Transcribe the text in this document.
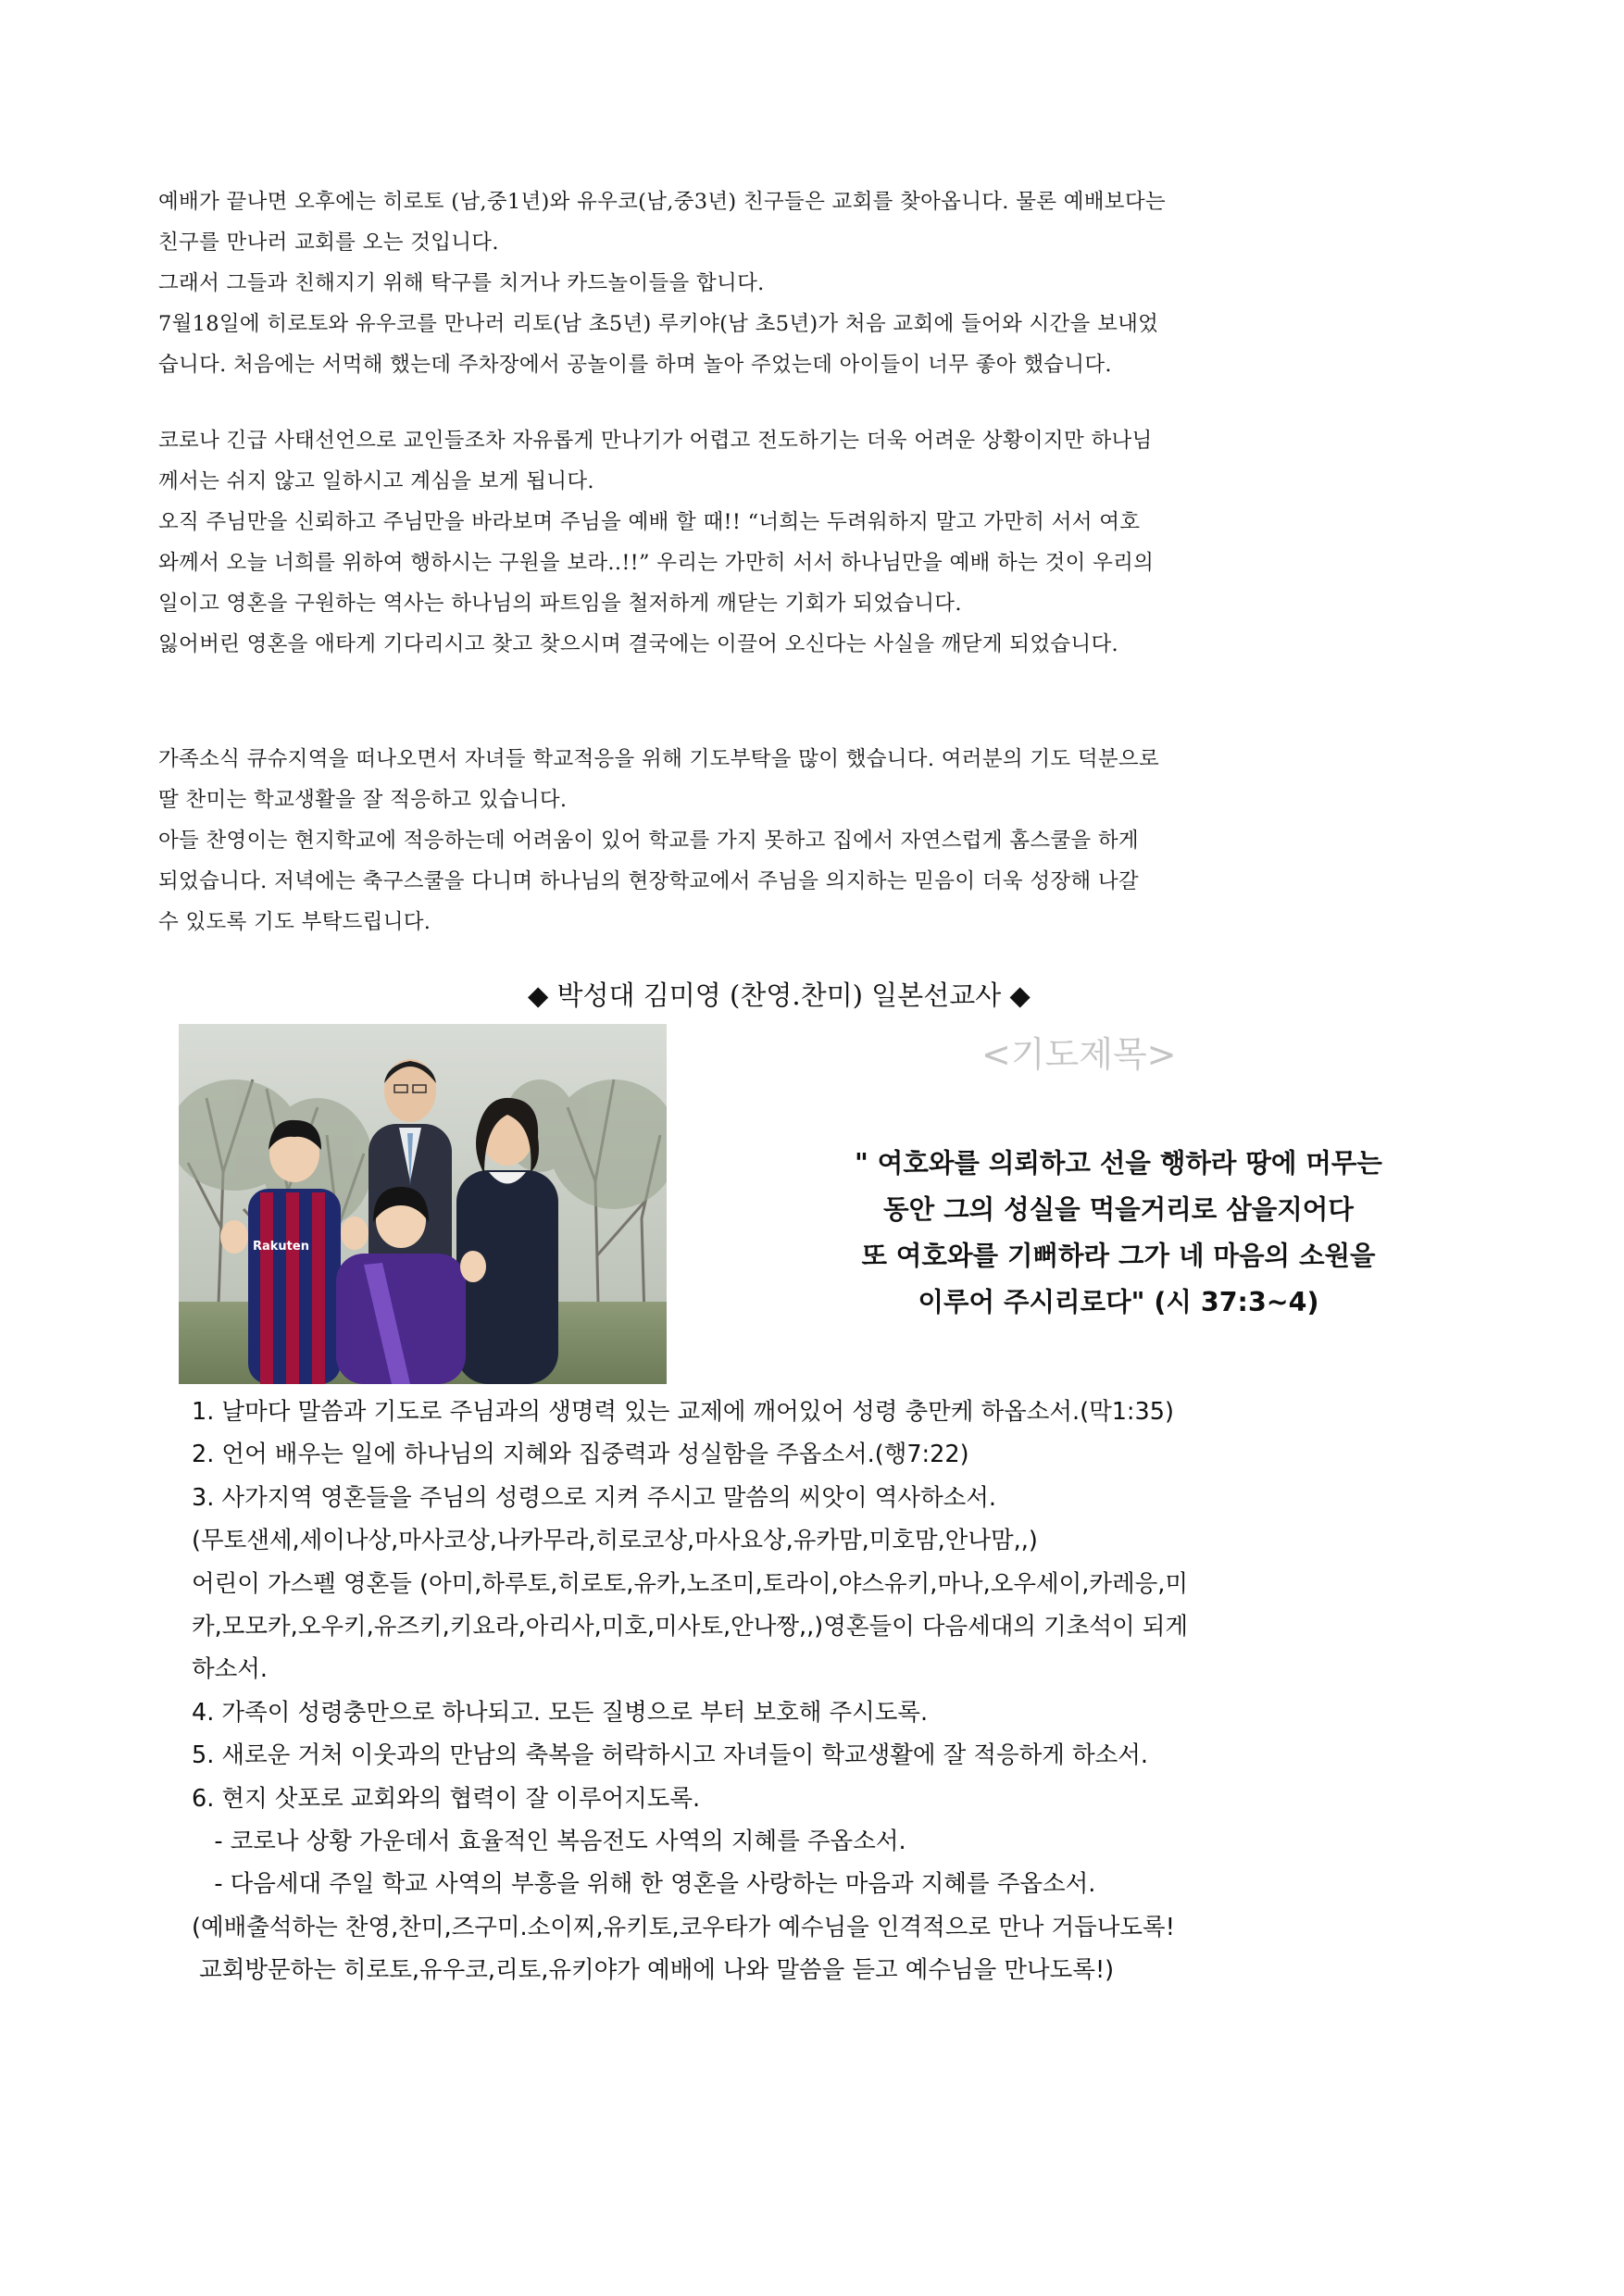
예배가 끝나면 오후에는 히로토 (남,중1년)와 유우코(남,중3년) 친구들은 교회를 찾아옵니다. 물론 예배보다는
친구를 만나러 교회를 오는 것입니다.
그래서 그들과 친해지기 위해 탁구를 치거나 카드놀이들을 합니다.
7월18일에 히로토와 유우코를 만나러 리토(남 초5년) 루키야(남 초5년)가 처음 교회에 들어와 시간을 보내었
습니다. 처음에는 서먹해 했는데 주차장에서 공놀이를 하며 놀아 주었는데 아이들이 너무 좋아 했습니다.
코로나 긴급 사태선언으로 교인들조차 자유롭게 만나기가 어렵고 전도하기는 더욱 어려운 상황이지만 하나님
께서는 쉬지 않고 일하시고 계심을 보게 됩니다.
오직 주님만을 신뢰하고 주님만을 바라보며 주님을 예배 할 때!! “너희는 두려워하지 말고 가만히 서서 여호
와께서 오늘 너희를 위하여 행하시는 구원을 보라..!!” 우리는 가만히 서서 하나님만을 예배 하는 것이 우리의
일이고 영혼을 구원하는 역사는 하나님의 파트임을 철저하게 깨닫는 기회가 되었습니다.
잃어버린 영혼을 애타게 기다리시고 찾고 찾으시며 결국에는 이끌어 오신다는 사실을 깨닫게 되었습니다.
가족소식 큐슈지역을 떠나오면서 자녀들 학교적응을 위해 기도부탁을 많이 했습니다. 여러분의 기도 덕분으로
딸 찬미는 학교생활을 잘 적응하고 있습니다.
아들 찬영이는 현지학교에 적응하는데 어려움이 있어 학교를 가지 못하고 집에서 자연스럽게 홈스쿨을 하게
되었습니다. 저녁에는 축구스쿨을 다니며 하나님의 현장학교에서 주님을 의지하는 믿음이 더욱 성장해 나갈
수 있도록 기도 부탁드립니다.
◆ 박성대 김미영 (찬영.찬미) 일본선교사 ◆
Rakuten
<기도제목>
" 여호와를 의뢰하고 선을 행하라 땅에 머무는
동안 그의 성실을 먹을거리로 삼을지어다
또 여호와를 기뻐하라 그가 네 마음의 소원을
이루어 주시리로다" (시 37:3~4)
1. 날마다 말씀과 기도로 주님과의 생명력 있는 교제에 깨어있어 성령 충만케 하옵소서.(막1:35)
2. 언어 배우는 일에 하나님의 지혜와 집중력과 성실함을 주옵소서.(행7:22)
3. 사가지역 영혼들을 주님의 성령으로 지켜 주시고 말씀의 씨앗이 역사하소서.
(무토샌세,세이나상,마사코상,나카무라,히로코상,마사요상,유카맘,미호맘,안나맘,,)
어린이 가스펠 영혼들 (아미,하루토,히로토,유카,노조미,토라이,야스유키,마나,오우세이,카레응,미
카,모모카,오우키,유즈키,키요라,아리사,미호,미사토,안나짱,,)영혼들이 다음세대의 기초석이 되게
하소서.
4. 가족이 성령충만으로 하나되고. 모든 질병으로 부터 보호해 주시도록.
5. 새로운 거처 이웃과의 만남의 축복을 허락하시고 자녀들이 학교생활에 잘 적응하게 하소서.
6. 현지 삿포로 교회와의 협력이 잘 이루어지도록.
- 코로나 상황 가운데서 효율적인 복음전도 사역의 지혜를 주옵소서.
- 다음세대 주일 학교 사역의 부흥을 위해 한 영혼을 사랑하는 마음과 지혜를 주옵소서.
(예배출석하는 찬영,찬미,즈구미.소이찌,유키토,코우타가 예수님을 인격적으로 만나 거듭나도록!
교회방문하는 히로토,유우코,리토,유키야가 예배에 나와 말씀을 듣고 예수님을 만나도록!)
